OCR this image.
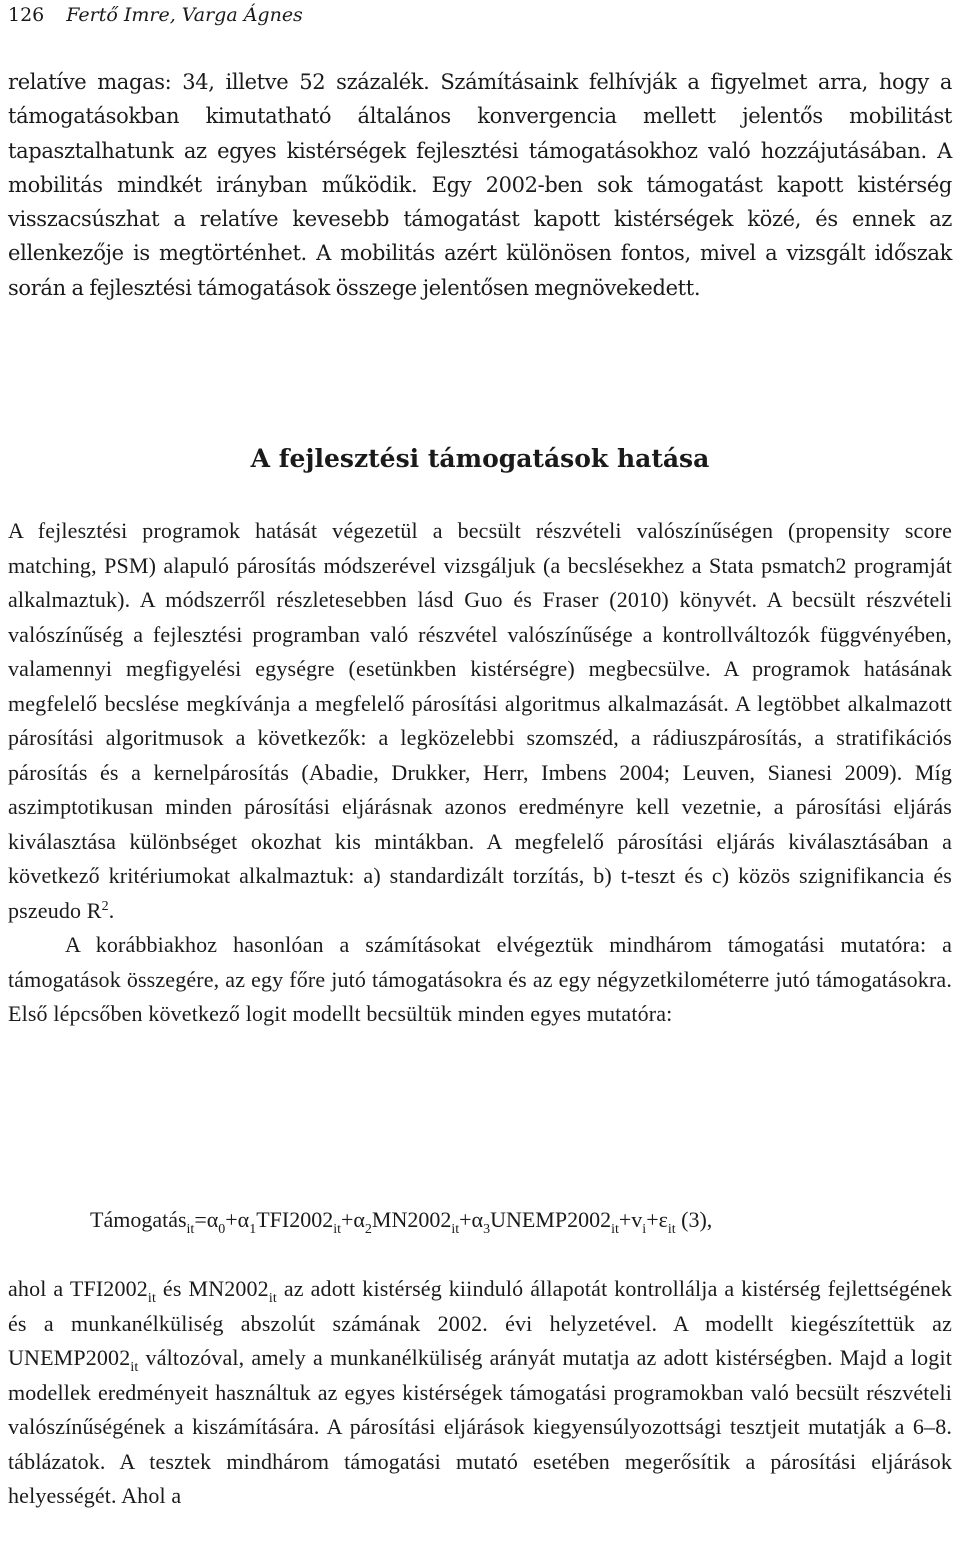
126 Fertő Imre, Varga Ágnes
relatíve magas: 34, illetve 52 százalék. Számításaink felhívják a figyelmet arra, hogy a támogatásokban kimutatható általános konvergencia mellett jelentős mobilitást tapasztalhatunk az egyes kistérségek fejlesztési támogatásokhoz való hozzájutásában. A mobilitás mindkét irányban működik. Egy 2002-ben sok támogatást kapott kistérség visszacsúszhat a relatíve kevesebb támogatást kapott kistérségek közé, és ennek az ellenkezője is megtörténhet. A mobilitás azért különösen fontos, mivel a vizsgált időszak során a fejlesztési támogatások összege jelentősen megnövekedett.
A fejlesztési támogatások hatása

A fejlesztési programok hatását végezetül a becsült részvételi valószínűségen (propensity score matching, PSM) alapuló párosítás módszerével vizsgáljuk (a becslésekhez a Stata psmatch2 programját alkalmaztuk). A módszerről részletesebben lásd Guo és Fraser (2010) könyvét. A becsült részvételi valószínűség a fejlesztési programban való részvétel valószínűsége a kontrollváltozók függvényében, valamennyi megfigyelési egységre (esetünkben kistérségre) megbecsülve. A programok hatásának megfelelő becslése megkívánja a megfelelő párosítási algoritmus alkalmazását. A legtöbbet alkalmazott párosítási algoritmusok a következők: a legközelebbi szomszéd, a rádiuszpárosítás, a stratifikációs párosítás és a kernelpárosítás (Abadie, Drukker, Herr, Imbens 2004; Leuven, Sianesi 2009). Míg aszimptotikusan minden párosítási eljárásnak azonos eredményre kell vezetnie, a párosítási eljárás kiválasztása különbséget okozhat kis mintákban. A megfelelő párosítási eljárás kiválasztásában a következő kritériumokat alkalmaztuk: a) standardizált torzítás, b) t-teszt és c) közös szignifikancia és pszeudo $R^2$.

A korábbiakhoz hasonlóan a számításokat elvégeztük mindhárom támogatási mutatóra: a támogatások összegére, az egy főre jutó támogatásokra és az egy négyzetkilométerre jutó támogatásokra. Első lépcsőben következő logit modellt becsültük minden egyes mutatóra:

$Támogatás_{it}=\alpha_0+\alpha_1TFI2002_{it}+\alpha_2MN2002_{it}+\alpha_3UNEMP2002_{it}+v_i+\varepsilon_{it}$ (3),

ahol a $TFI2002_{it}$ és $MN2002_{it}$ az adott kistérség kiinduló állapotát kontrollálja a kistérség fejlettségének és a munkanélküliség abszolút számának 2002. évi helyzetével. A modellt kiegészítettük az $UNEMP2002_{it}$ változóval, amely a munkanélküliség arányát mutatja az adott kistérségben. Majd a logit modellek eredményeit használtuk az egyes kistérségek támogatási programokban való becsült részvételi valószínűségének a kiszámítására. A párosítási eljárások kiegyensúlyozottsági tesztjeit mutatják a 6–8. táblázatok. A tesztek mindhárom támogatási mutató esetében megerősítik a párosítási eljárások helyességét. Ahol a
